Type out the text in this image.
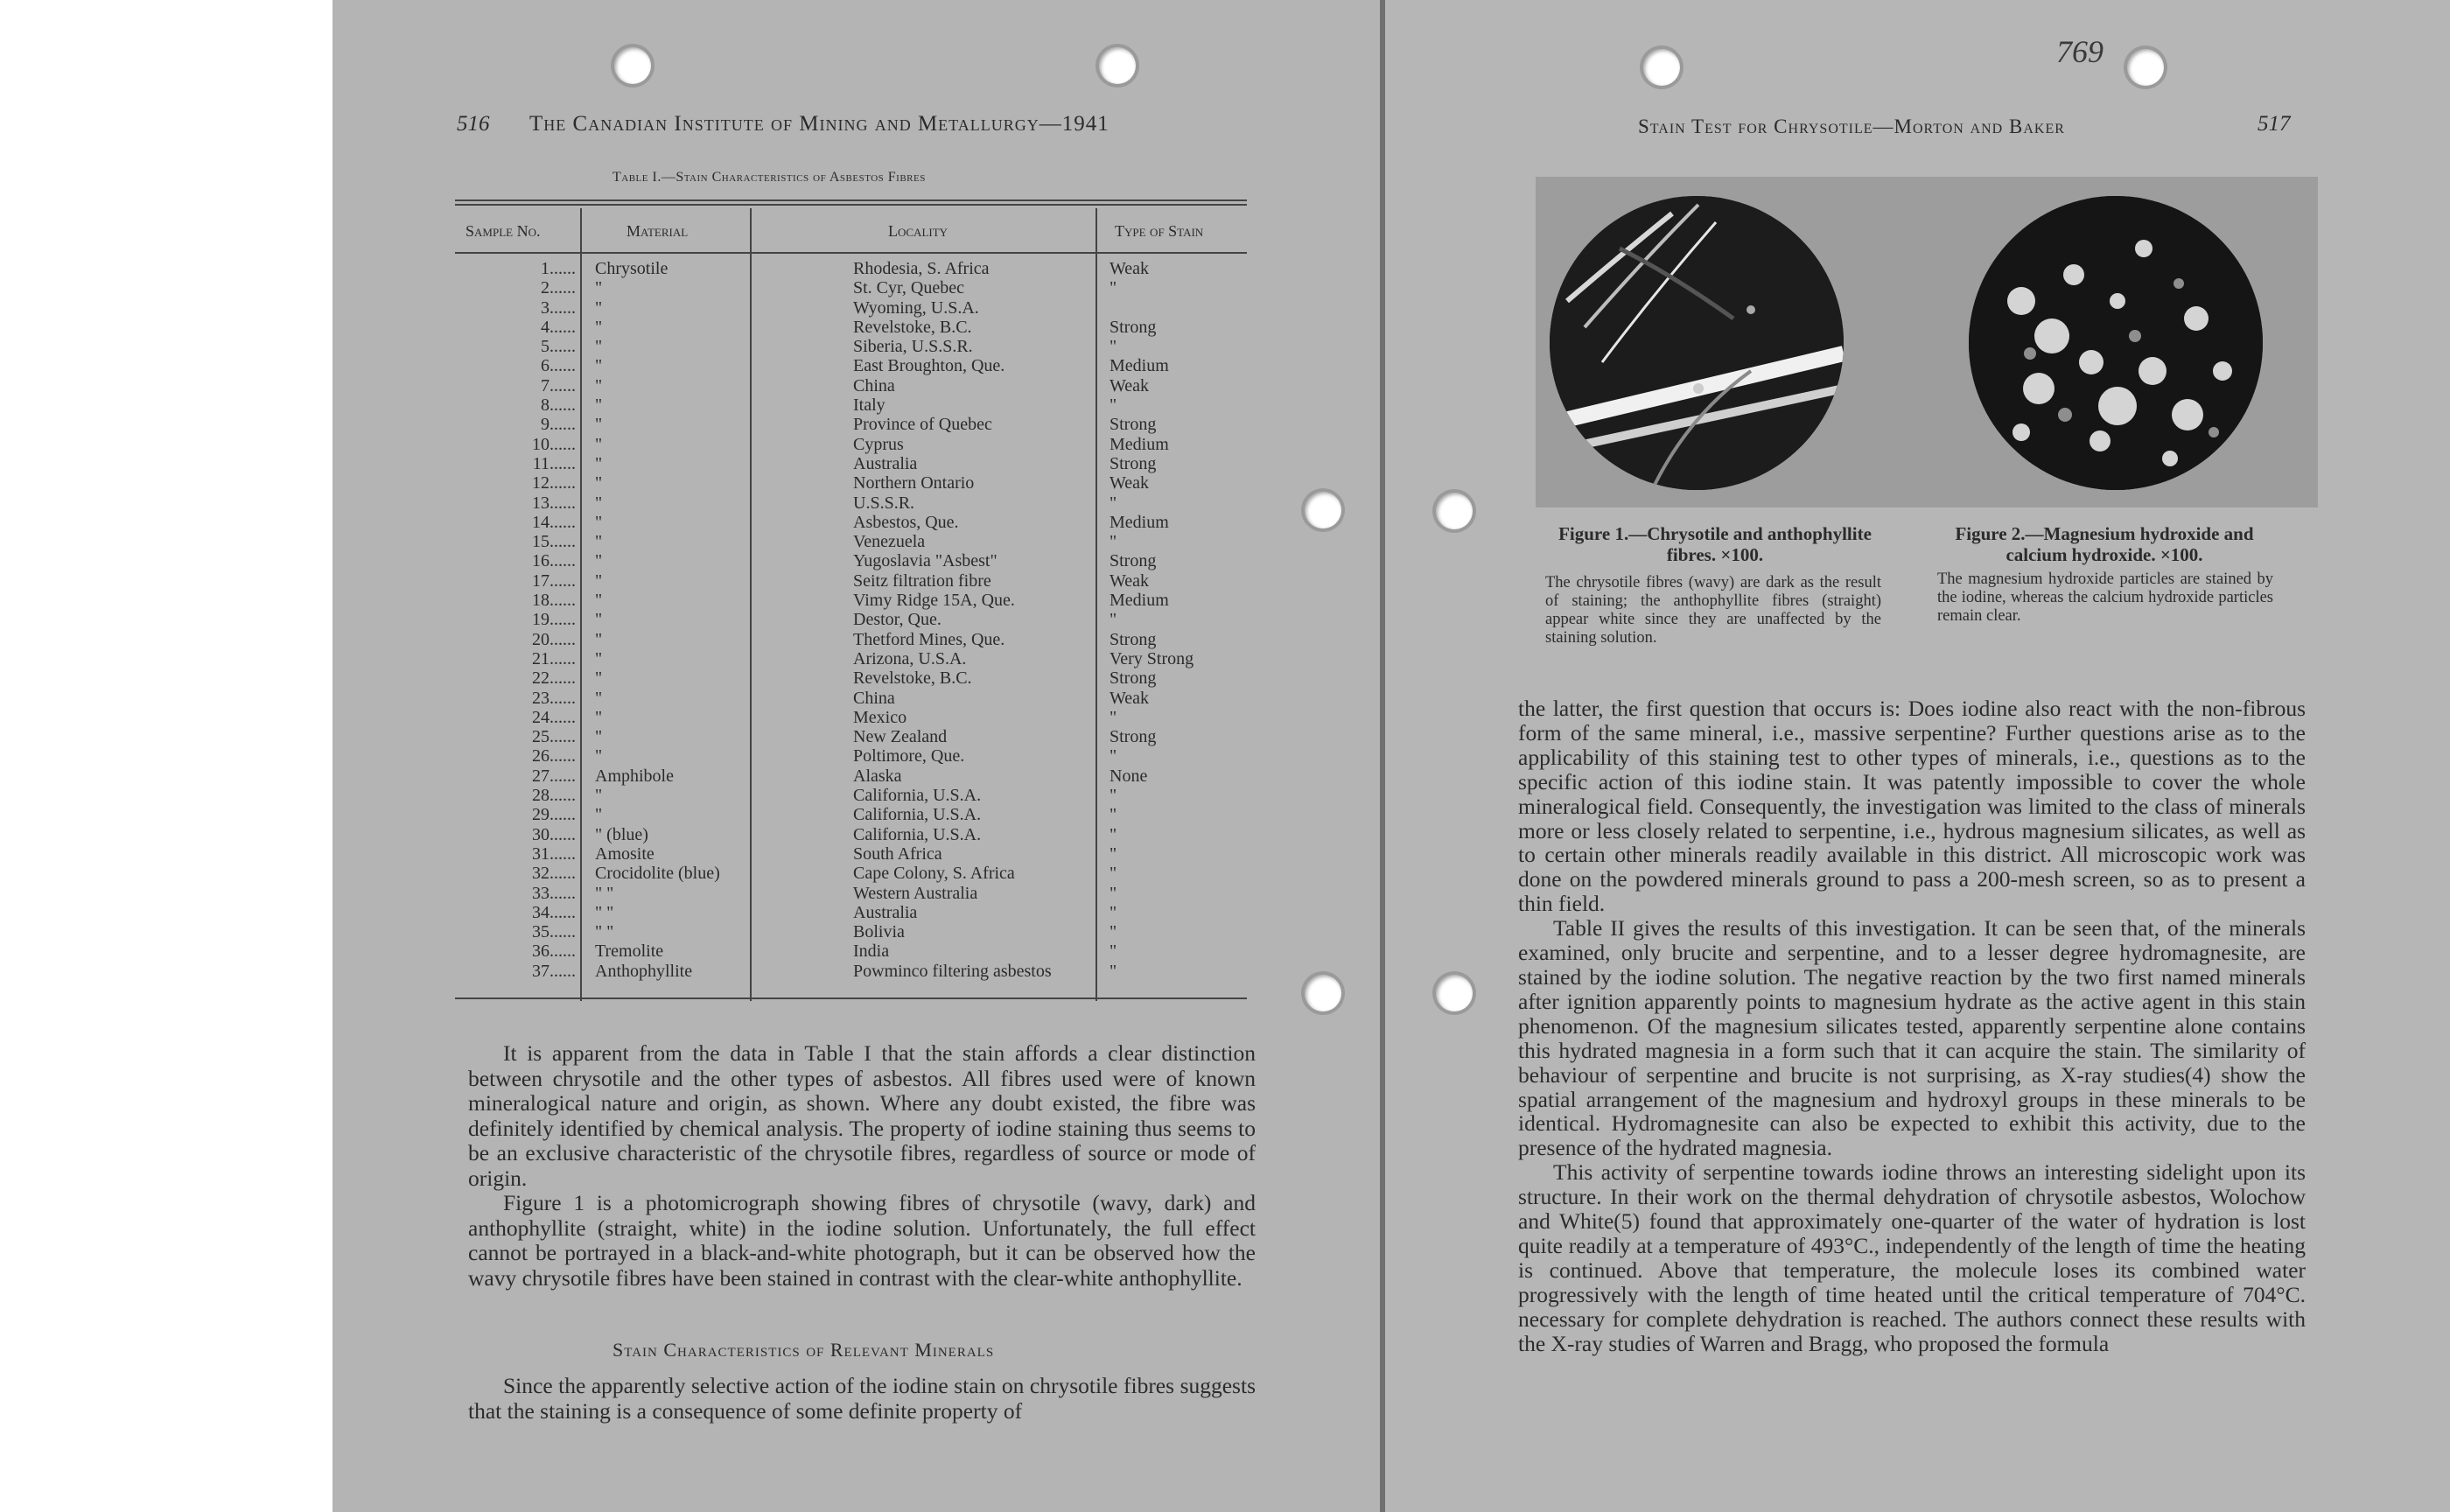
516 The Canadian Institute of Mining and Metallurgy—1941
Table I.—Stain Characteristics of Asbestos Fibres
Sample No.	Material	Locality	Type of Stain
1...... Chrysotile	Rhodesia, S. Africa	Weak
2...... "	St. Cyr, Quebec	"
3...... "	Wyoming, U.S.A.
4...... "	Revelstoke, B.C.	Strong
5...... "	Siberia, U.S.S.R.	"
6...... "	East Broughton, Que.	Medium
7...... "	China	Weak
8...... "	Italy	"
9...... "	Province of Quebec	Strong
10...... "	Cyprus	Medium
11...... "	Australia	Strong
12...... "	Northern Ontario	Weak
13...... "	U.S.S.R.	"
14...... "	Asbestos, Que.	Medium
15...... "	Venezuela	"
16...... "	Yugoslavia "Asbest"	Strong
17...... "	Seitz filtration fibre	Weak
18...... "	Vimy Ridge 15A, Que.	Medium
19...... "	Destor, Que.	"
20...... "	Thetford Mines, Que.	Strong
21...... "	Arizona, U.S.A.	Very Strong
22...... "	Revelstoke, B.C.	Strong
23...... "	China	Weak
24...... "	Mexico	"
25...... "	New Zealand	Strong
26...... "	Poltimore, Que.	"
27...... Amphibole	Alaska	None
28...... "	California, U.S.A.	"
29...... "	California, U.S.A.	"
30...... " (blue)	California, U.S.A.	"
31...... Amosite	South Africa	"
32...... Crocidolite (blue)	Cape Colony, S. Africa	"
33...... " "	Western Australia	"
34...... " "	Australia	"
35...... " "	Bolivia	"
36...... Tremolite	India	"
37...... Anthophyllite	Powminco filtering asbestos	"

It is apparent from the data in Table I that the stain affords a clear distinction between chrysotile and the other types of asbestos. All fibres used were of known mineralogical nature and origin, as shown. Where any doubt existed, the fibre was definitely identified by chemical analysis. The property of iodine staining thus seems to be an exclusive characteristic of the chrysotile fibres, regardless of source or mode of origin.

Figure 1 is a photomicrograph showing fibres of chrysotile (wavy, dark) and anthophyllite (straight, white) in the iodine solution. Unfortunately, the full effect cannot be portrayed in a black-and-white photograph, but it can be observed how the wavy chrysotile fibres have been stained in contrast with the clear-white anthophyllite.

Stain Characteristics of Relevant Minerals

Since the apparently selective action of the iodine stain on chrysotile fibres suggests that the staining is a consequence of some definite property of

769
Stain Test for Chrysotile—Morton and Baker	517
Figure 1.—Chrysotile and anthophyllite fibres. ×100.
The chrysotile fibres (wavy) are dark as the result of staining; the anthophyllite fibres (straight) appear white since they are unaffected by the staining solution.
Figure 2.—Magnesium hydroxide and calcium hydroxide. ×100.
The magnesium hydroxide particles are stained by the iodine, whereas the calcium hydroxide particles remain clear.

the latter, the first question that occurs is: Does iodine also react with the non-fibrous form of the same mineral, i.e., massive serpentine? Further questions arise as to the applicability of this staining test to other types of minerals, i.e., questions as to the specific action of this iodine stain. It was patently impossible to cover the whole mineralogical field. Consequently, the investigation was limited to the class of minerals more or less closely related to serpentine, i.e., hydrous magnesium silicates, as well as to certain other minerals readily available in this district. All microscopic work was done on the powdered minerals ground to pass a 200-mesh screen, so as to present a thin field.

Table II gives the results of this investigation. It can be seen that, of the minerals examined, only brucite and serpentine, and to a lesser degree hydromagnesite, are stained by the iodine solution. The negative reaction by the two first named minerals after ignition apparently points to magnesium hydrate as the active agent in this stain phenomenon. Of the magnesium silicates tested, apparently serpentine alone contains this hydrated magnesia in a form such that it can acquire the stain. The similarity of behaviour of serpentine and brucite is not surprising, as X-ray studies(4) show the spatial arrangement of the magnesium and hydroxyl groups in these minerals to be identical. Hydromagnesite can also be expected to exhibit this activity, due to the presence of the hydrated magnesia.

This activity of serpentine towards iodine throws an interesting sidelight upon its structure. In their work on the thermal dehydration of chrysotile asbestos, Wolochow and White(5) found that approximately one-quarter of the water of hydration is lost quite readily at a temperature of 493°C., independently of the length of time the heating is continued. Above that temperature, the molecule loses its combined water progressively with the length of time heated until the critical temperature of 704°C. necessary for complete dehydration is reached. The authors connect these results with the X-ray studies of Warren and Bragg, who proposed the formula
